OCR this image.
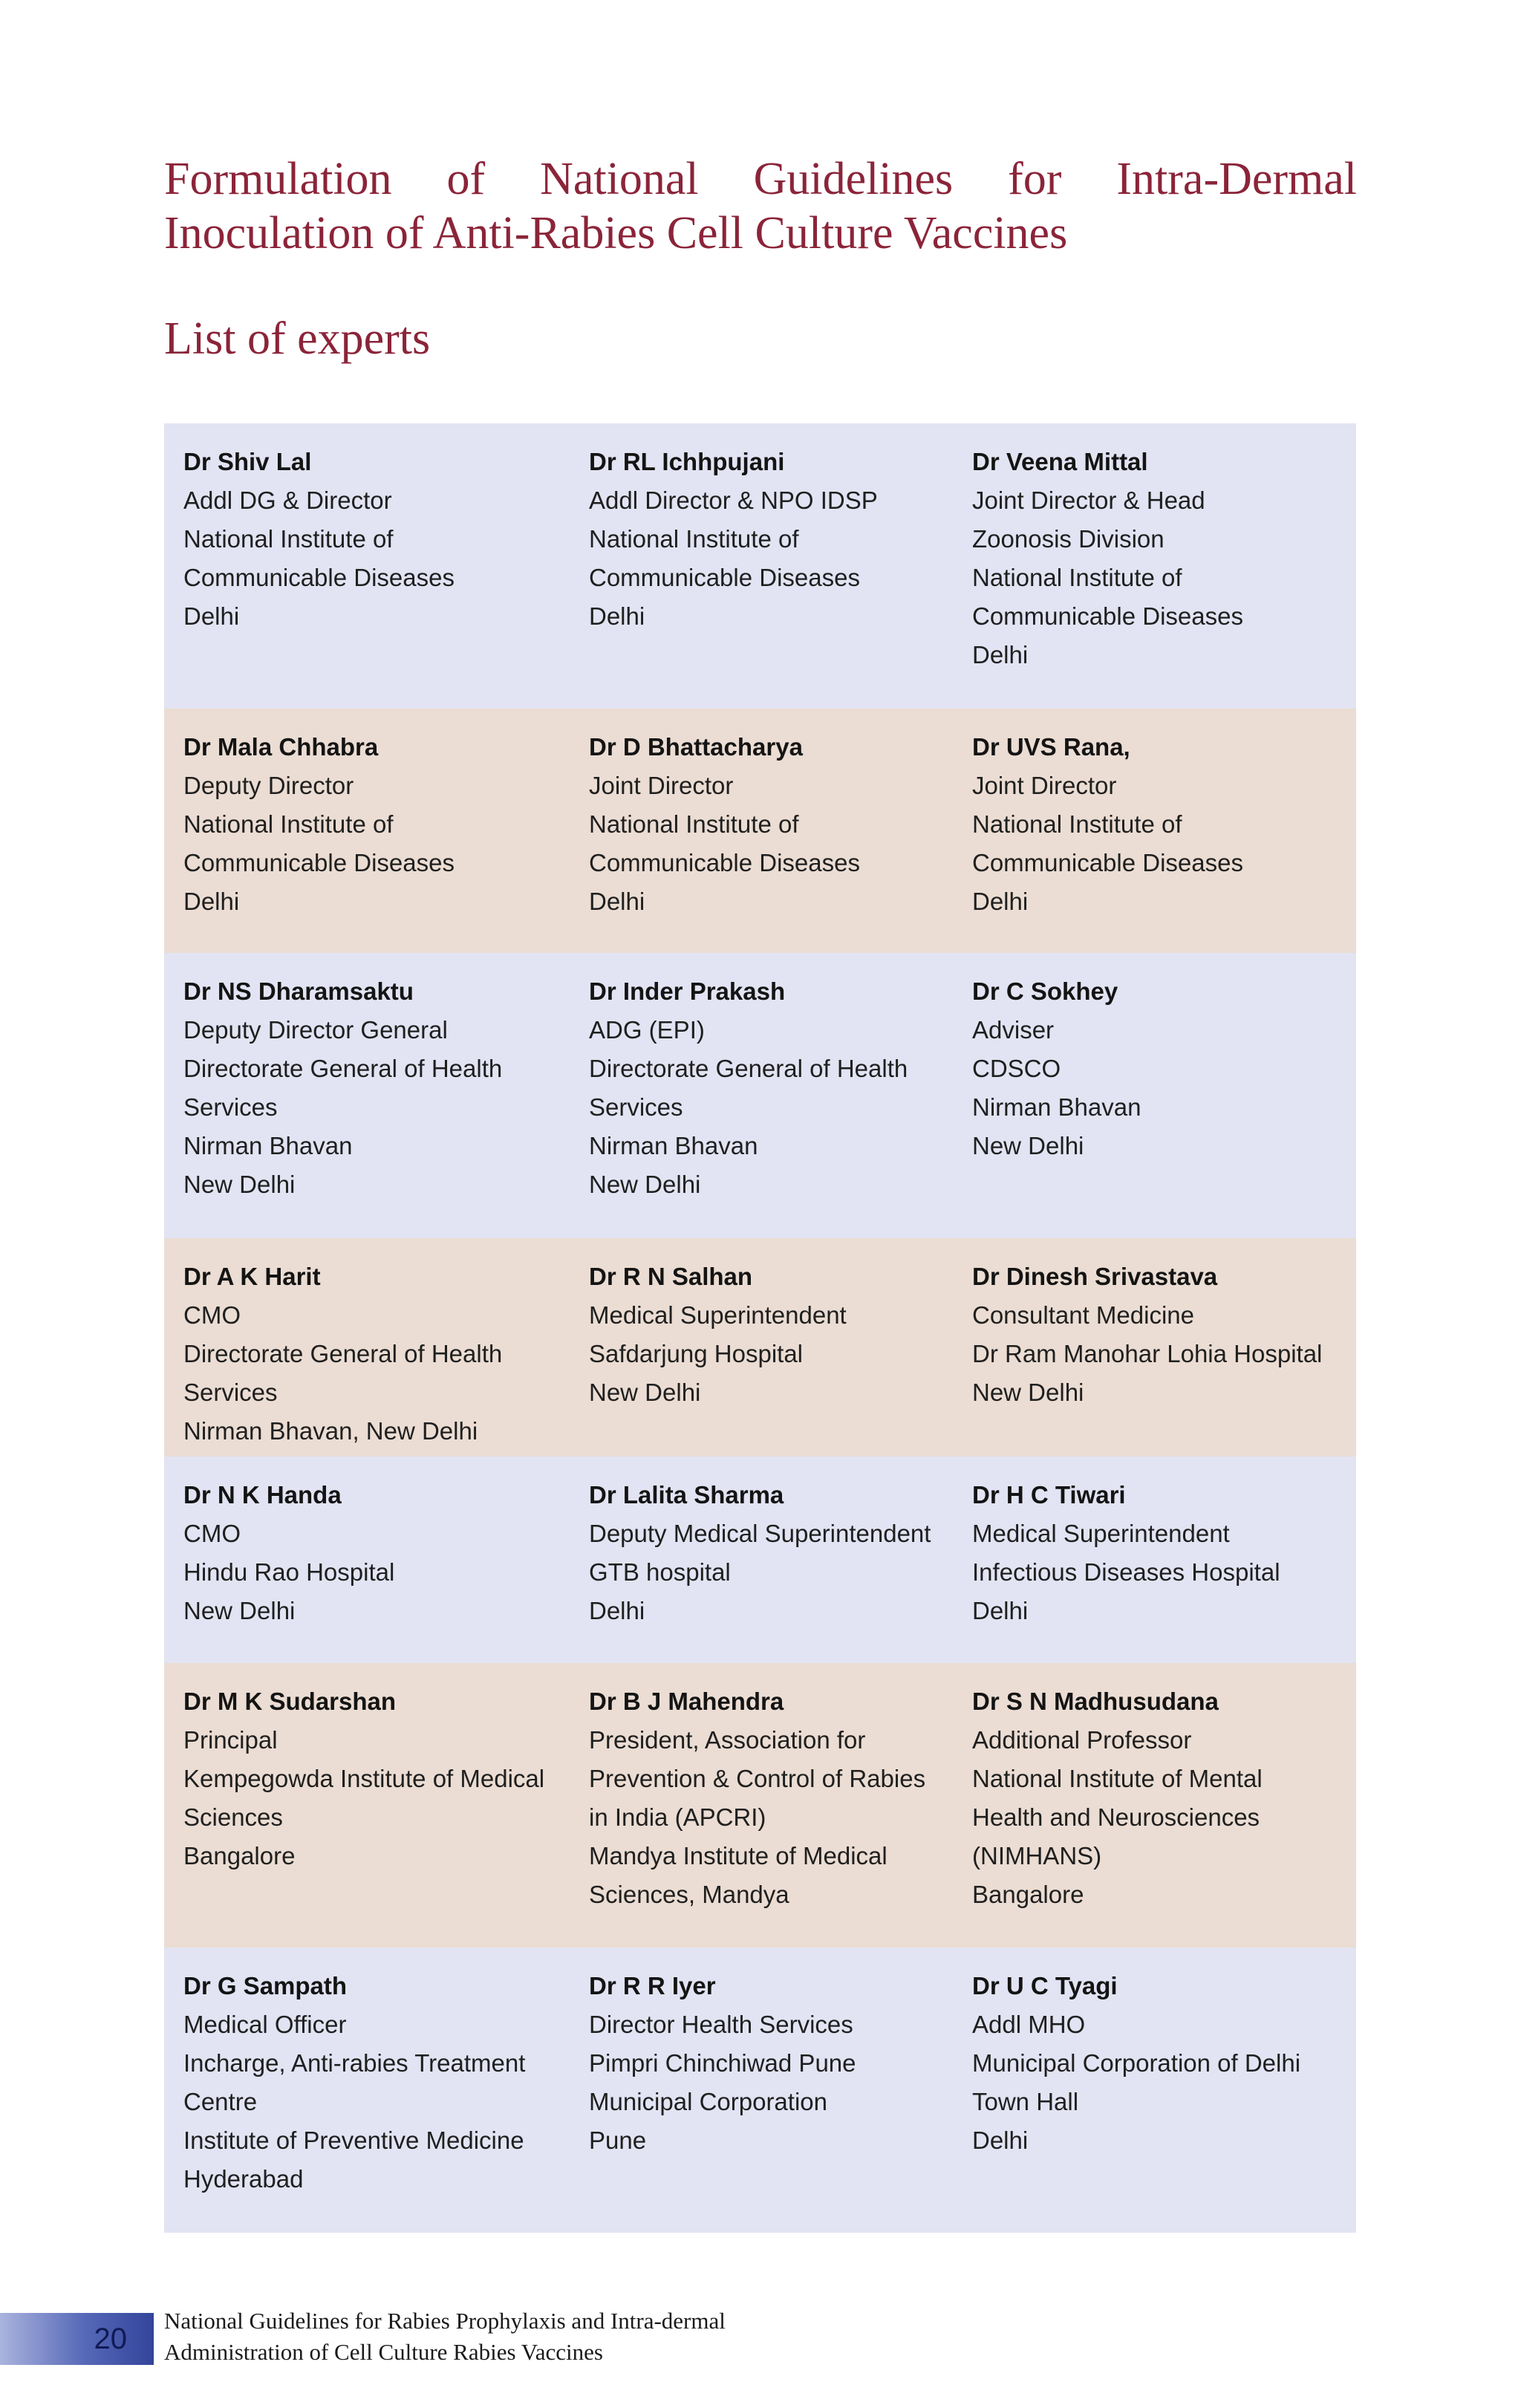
Formulation of National Guidelines for Intra-Dermal Inoculation of Anti-Rabies Cell Culture Vaccines
List of experts
Dr Shiv Lal
Addl DG & Director
National Institute of
Communicable Diseases
Delhi
Dr RL Ichhpujani
Addl Director & NPO IDSP
National Institute of
Communicable Diseases
Delhi
Dr Veena Mittal
Joint Director & Head
Zoonosis Division
National Institute of
Communicable Diseases
Delhi
Dr Mala Chhabra
Deputy Director
National Institute of
Communicable Diseases
Delhi
Dr D Bhattacharya
Joint Director
National Institute of
Communicable Diseases
Delhi
Dr UVS Rana,
Joint Director
National Institute of
Communicable Diseases
Delhi
Dr NS Dharamsaktu
Deputy Director General
Directorate General of Health
Services
Nirman Bhavan
New Delhi
Dr Inder Prakash
ADG (EPI)
Directorate General of Health
Services
Nirman Bhavan
New Delhi
Dr C Sokhey
Adviser
CDSCO
Nirman Bhavan
New Delhi
Dr A K Harit
CMO
Directorate General of Health
Services
Nirman Bhavan, New Delhi
Dr R N Salhan
Medical Superintendent
Safdarjung Hospital
New Delhi
Dr Dinesh Srivastava
Consultant Medicine
Dr Ram Manohar Lohia Hospital
New Delhi
Dr N K Handa
CMO
Hindu Rao Hospital
New Delhi
Dr Lalita Sharma
Deputy Medical Superintendent
GTB hospital
Delhi
Dr H C Tiwari
Medical Superintendent
Infectious Diseases Hospital
Delhi
Dr M K Sudarshan
Principal
Kempegowda Institute of Medical
Sciences
Bangalore
Dr B J Mahendra
President, Association for
Prevention & Control of Rabies
in India (APCRI)
Mandya Institute of Medical
Sciences, Mandya
Dr S N Madhusudana
Additional Professor
National Institute of Mental
Health and Neurosciences
(NIMHANS)
Bangalore
Dr G Sampath
Medical Officer
Incharge, Anti-rabies Treatment
Centre
Institute of Preventive Medicine
Hyderabad
Dr R R Iyer
Director Health Services
Pimpri Chinchiwad Pune
Municipal Corporation
Pune
Dr U C Tyagi
Addl MHO
Municipal Corporation of Delhi
Town Hall
Delhi
20
National Guidelines for Rabies Prophylaxis and Intra-dermal
Administration of Cell Culture Rabies Vaccines
